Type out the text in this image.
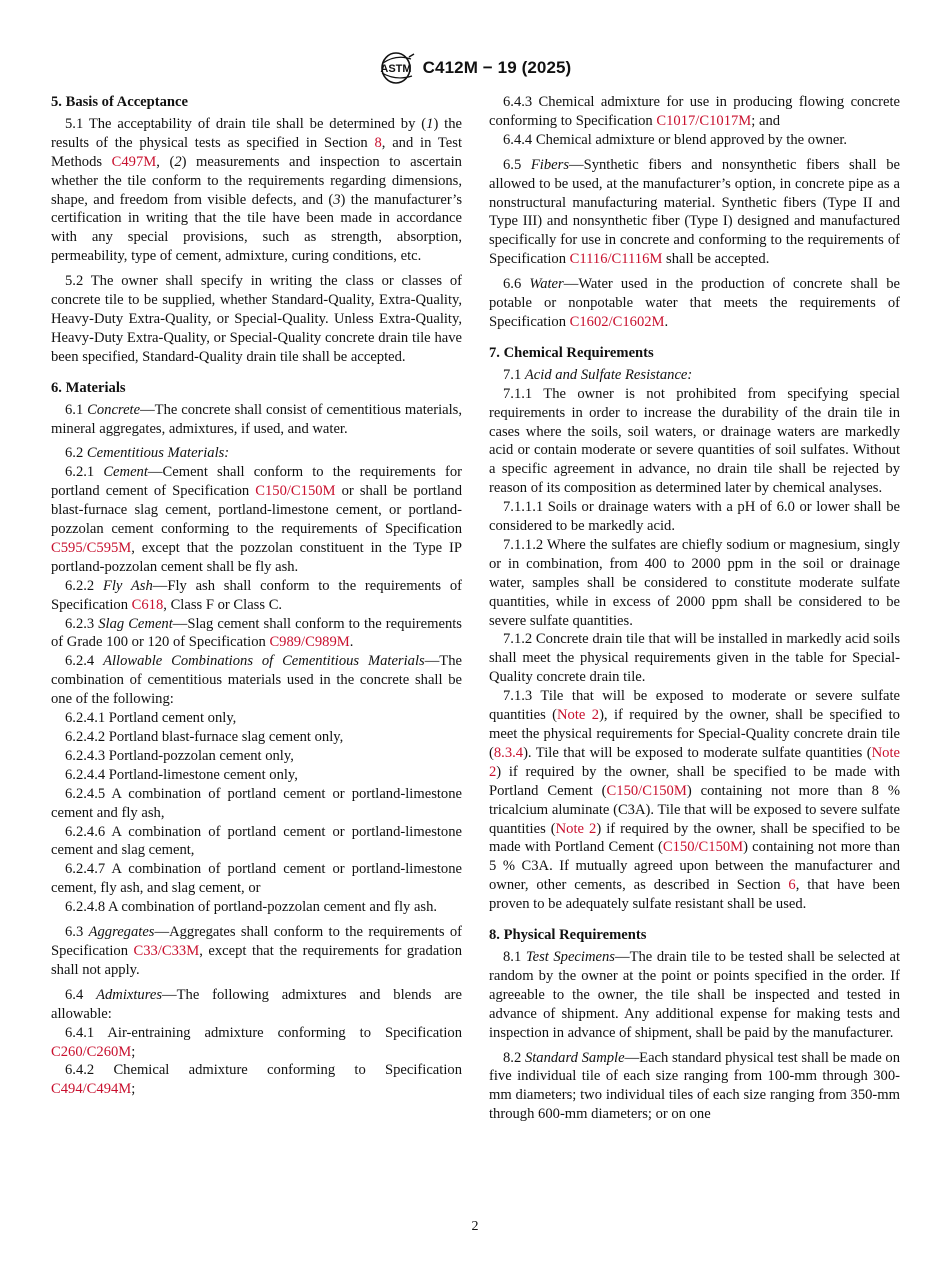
ASTM C412M − 19 (2025)
5. Basis of Acceptance

5.1 The acceptability of drain tile shall be determined by (1) the results of the physical tests as specified in Section 8, and in Test Methods C497M, (2) measurements and inspection to ascertain whether the tile conform to the requirements regarding dimensions, shape, and freedom from visible defects, and (3) the manufacturer’s certification in writing that the tile have been made in accordance with any special provisions, such as strength, absorption, permeability, type of cement, admixture, curing conditions, etc.

5.2 The owner shall specify in writing the class or classes of concrete tile to be supplied, whether Standard-Quality, Extra-Quality, Heavy-Duty Extra-Quality, or Special-Quality. Unless Extra-Quality, Heavy-Duty Extra-Quality, or Special-Quality concrete drain tile have been specified, Standard-Quality drain tile shall be accepted.

6. Materials

6.1 Concrete—The concrete shall consist of cementitious materials, mineral aggregates, admixtures, if used, and water.

6.2 Cementitious Materials:

6.2.1 Cement—Cement shall conform to the requirements for portland cement of Specification C150/C150M or shall be portland blast-furnace slag cement, portland-limestone cement, or portland-pozzolan cement conforming to the requirements of Specification C595/C595M, except that the pozzolan constituent in the Type IP portland-pozzolan cement shall be fly ash.

6.2.2 Fly Ash—Fly ash shall conform to the requirements of Specification C618, Class F or Class C.

6.2.3 Slag Cement—Slag cement shall conform to the requirements of Grade 100 or 120 of Specification C989/C989M.

6.2.4 Allowable Combinations of Cementitious Materials—The combination of cementitious materials used in the concrete shall be one of the following:

6.2.4.1 Portland cement only,

6.2.4.2 Portland blast-furnace slag cement only,

6.2.4.3 Portland-pozzolan cement only,

6.2.4.4 Portland-limestone cement only,

6.2.4.5 A combination of portland cement or portland-limestone cement and fly ash,

6.2.4.6 A combination of portland cement or portland-limestone cement and slag cement,

6.2.4.7 A combination of portland cement or portland-limestone cement, fly ash, and slag cement, or

6.2.4.8 A combination of portland-pozzolan cement and fly ash.

6.3 Aggregates—Aggregates shall conform to the requirements of Specification C33/C33M, except that the requirements for gradation shall not apply.

6.4 Admixtures—The following admixtures and blends are allowable:

6.4.1 Air-entraining admixture conforming to Specification C260/C260M;

6.4.2 Chemical admixture conforming to Specification C494/C494M;

6.4.3 Chemical admixture for use in producing flowing concrete conforming to Specification C1017/C1017M; and

6.4.4 Chemical admixture or blend approved by the owner.

6.5 Fibers—Synthetic fibers and nonsynthetic fibers shall be allowed to be used, at the manufacturer’s option, in concrete pipe as a nonstructural manufacturing material. Synthetic fibers (Type II and Type III) and nonsynthetic fiber (Type I) designed and manufactured specifically for use in concrete and conforming to the requirements of Specification C1116/C1116M shall be accepted.

6.6 Water—Water used in the production of concrete shall be potable or nonpotable water that meets the requirements of Specification C1602/C1602M.

7. Chemical Requirements

7.1 Acid and Sulfate Resistance:

7.1.1 The owner is not prohibited from specifying special requirements in order to increase the durability of the drain tile in cases where the soils, soil waters, or drainage waters are markedly acid or contain moderate or severe quantities of soil sulfates. Without a specific agreement in advance, no drain tile shall be rejected by reason of its composition as determined later by chemical analyses.

7.1.1.1 Soils or drainage waters with a pH of 6.0 or lower shall be considered to be markedly acid.

7.1.1.2 Where the sulfates are chiefly sodium or magnesium, singly or in combination, from 400 to 2000 ppm in the soil or drainage water, samples shall be considered to constitute moderate sulfate quantities, while in excess of 2000 ppm shall be considered to be severe sulfate quantities.

7.1.2 Concrete drain tile that will be installed in markedly acid soils shall meet the physical requirements given in the table for Special-Quality concrete drain tile.

7.1.3 Tile that will be exposed to moderate or severe sulfate quantities (Note 2), if required by the owner, shall be specified to meet the physical requirements for Special-Quality concrete drain tile (8.3.4). Tile that will be exposed to moderate sulfate quantities (Note 2) if required by the owner, shall be specified to be made with Portland Cement (C150/C150M) containing not more than 8 % tricalcium aluminate (C3A). Tile that will be exposed to severe sulfate quantities (Note 2) if required by the owner, shall be specified to be made with Portland Cement (C150/C150M) containing not more than 5 % C3A. If mutually agreed upon between the manufacturer and owner, other cements, as described in Section 6, that have been proven to be adequately sulfate resistant shall be used.

8. Physical Requirements

8.1 Test Specimens—The drain tile to be tested shall be selected at random by the owner at the point or points specified in the order. If agreeable to the owner, the tile shall be inspected and tested in advance of shipment. Any additional expense for making tests and inspection in advance of shipment, shall be paid by the manufacturer.

8.2 Standard Sample—Each standard physical test shall be made on five individual tile of each size ranging from 100-mm through 300-mm diameters; two individual tiles of each size ranging from 350-mm through 600-mm diameters; or on one

2
